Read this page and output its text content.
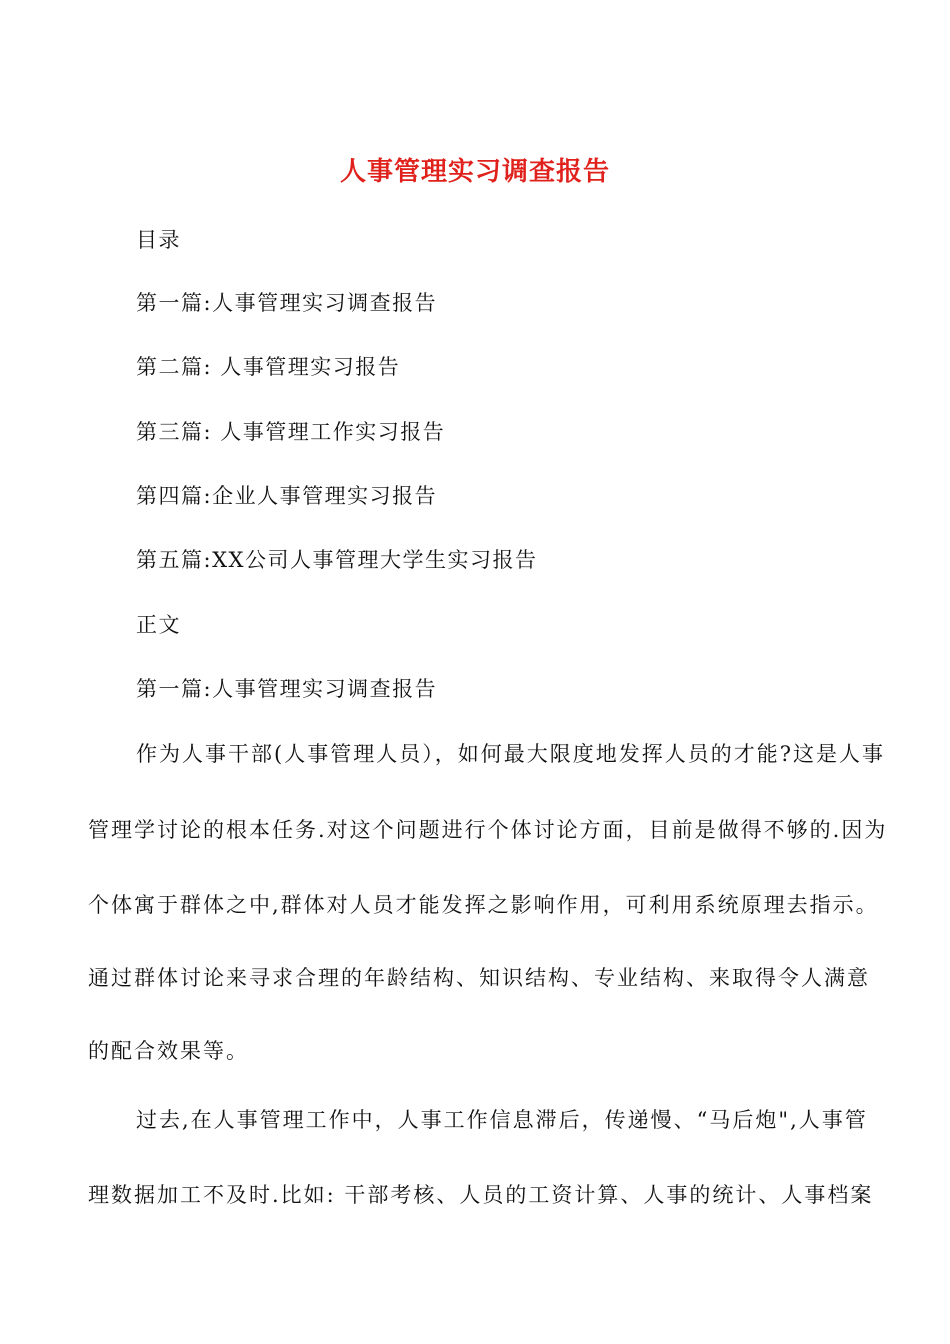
人事管理实习调查报告
目录
第一篇:人事管理实习调查报告
第二篇: 人事管理实习报告
第三篇: 人事管理工作实习报告
第四篇:企业人事管理实习报告
第五篇:XX公司人事管理大学生实习报告
正文
第一篇:人事管理实习调查报告
作为人事干部(人事管理人员），如何最大限度地发挥人员的才能?这是人事
管理学讨论的根本任务.对这个问题进行个体讨论方面，目前是做得不够的.因为
个体寓于群体之中,群体对人员才能发挥之影响作用，可利用系统原理去指示。
通过群体讨论来寻求合理的年龄结构、知识结构、专业结构、来取得令人满意
的配合效果等。
过去,在人事管理工作中，人事工作信息滞后，传递慢、“马后炮",人事管
理数据加工不及时.比如: 干部考核、人员的工资计算、人事的统计、人事档案
